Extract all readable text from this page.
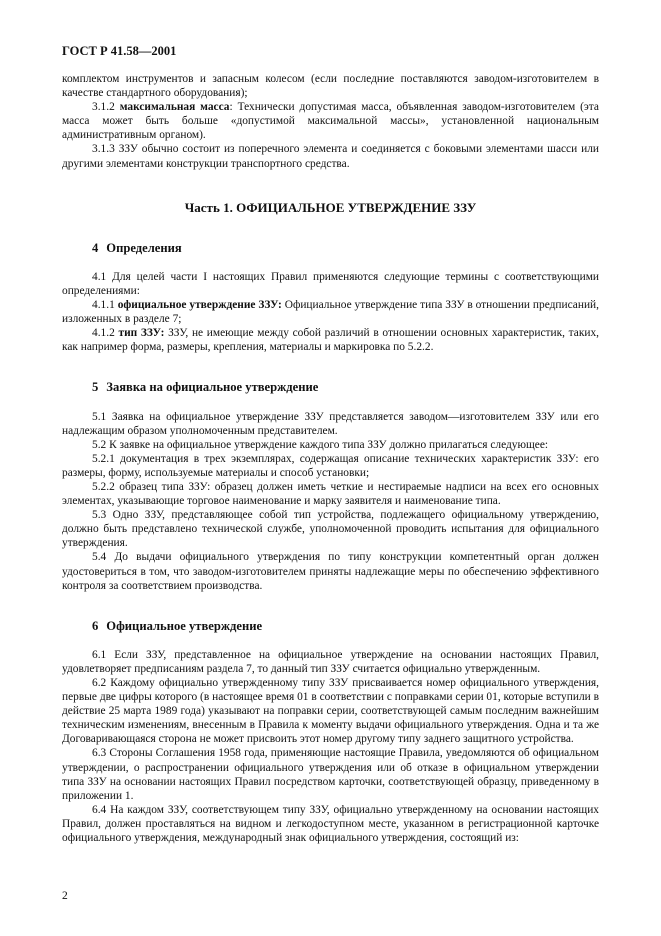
ГОСТ Р 41.58—2001

комплектом инструментов и запасным колесом (если последние поставляются заводом-изготовителем в качестве стандартного оборудования);

3.1.2 максимальная масса: Технически допустимая масса, объявленная заводом-изготовителем (эта масса может быть больше «допустимой максимальной массы», установленной национальным административным органом).

3.1.3 ЗЗУ обычно состоит из поперечного элемента и соединяется с боковыми элементами шасси или другими элементами конструкции транспортного средства.

Часть 1. ОФИЦИАЛЬНОЕ УТВЕРЖДЕНИЕ ЗЗУ
4 Определения

4.1 Для целей части I настоящих Правил применяются следующие термины с соответствующими определениями:

4.1.1 официальное утверждение ЗЗУ: Официальное утверждение типа ЗЗУ в отношении предписаний, изложенных в разделе 7;

4.1.2 тип ЗЗУ: ЗЗУ, не имеющие между собой различий в отношении основных характеристик, таких, как например форма, размеры, крепления, материалы и маркировка по 5.2.2.

5 Заявка на официальное утверждение

5.1 Заявка на официальное утверждение ЗЗУ представляется заводом—изготовителем ЗЗУ или его надлежащим образом уполномоченным представителем.

5.2 К заявке на официальное утверждение каждого типа ЗЗУ должно прилагаться следующее:

5.2.1 документация в трех экземплярах, содержащая описание технических характеристик ЗЗУ: его размеры, форму, используемые материалы и способ установки;

5.2.2 образец типа ЗЗУ: образец должен иметь четкие и нестираемые надписи на всех его основных элементах, указывающие торговое наименование и марку заявителя и наименование типа.

5.3 Одно ЗЗУ, представляющее собой тип устройства, подлежащего официальному утверждению, должно быть представлено технической службе, уполномоченной проводить испытания для официального утверждения.

5.4 До выдачи официального утверждения по типу конструкции компетентный орган должен удостовериться в том, что заводом-изготовителем приняты надлежащие меры по обеспечению эффективного контроля за соответствием производства.

6 Официальное утверждение

6.1 Если ЗЗУ, представленное на официальное утверждение на основании настоящих Правил, удовлетворяет предписаниям раздела 7, то данный тип ЗЗУ считается официально утвержденным.

6.2 Каждому официально утвержденному типу ЗЗУ присваивается номер официального утверждения, первые две цифры которого (в настоящее время 01 в соответствии с поправками серии 01, которые вступили в действие 25 марта 1989 года) указывают на поправки серии, соответствующей самым последним важнейшим техническим изменениям, внесенным в Правила к моменту выдачи официального утверждения. Одна и та же Договаривающаяся сторона не может присвоить этот номер другому типу заднего защитного устройства.

6.3 Стороны Соглашения 1958 года, применяющие настоящие Правила, уведомляются об официальном утверждении, о распространении официального утверждения или об отказе в официальном утверждении типа ЗЗУ на основании настоящих Правил посредством карточки, соответствующей образцу, приведенному в приложении 1.

6.4 На каждом ЗЗУ, соответствующем типу ЗЗУ, официально утвержденному на основании настоящих Правил, должен проставляться на видном и легкодоступном месте, указанном в регистрационной карточке официального утверждения, международный знак официального утверждения, состоящий из:

2
